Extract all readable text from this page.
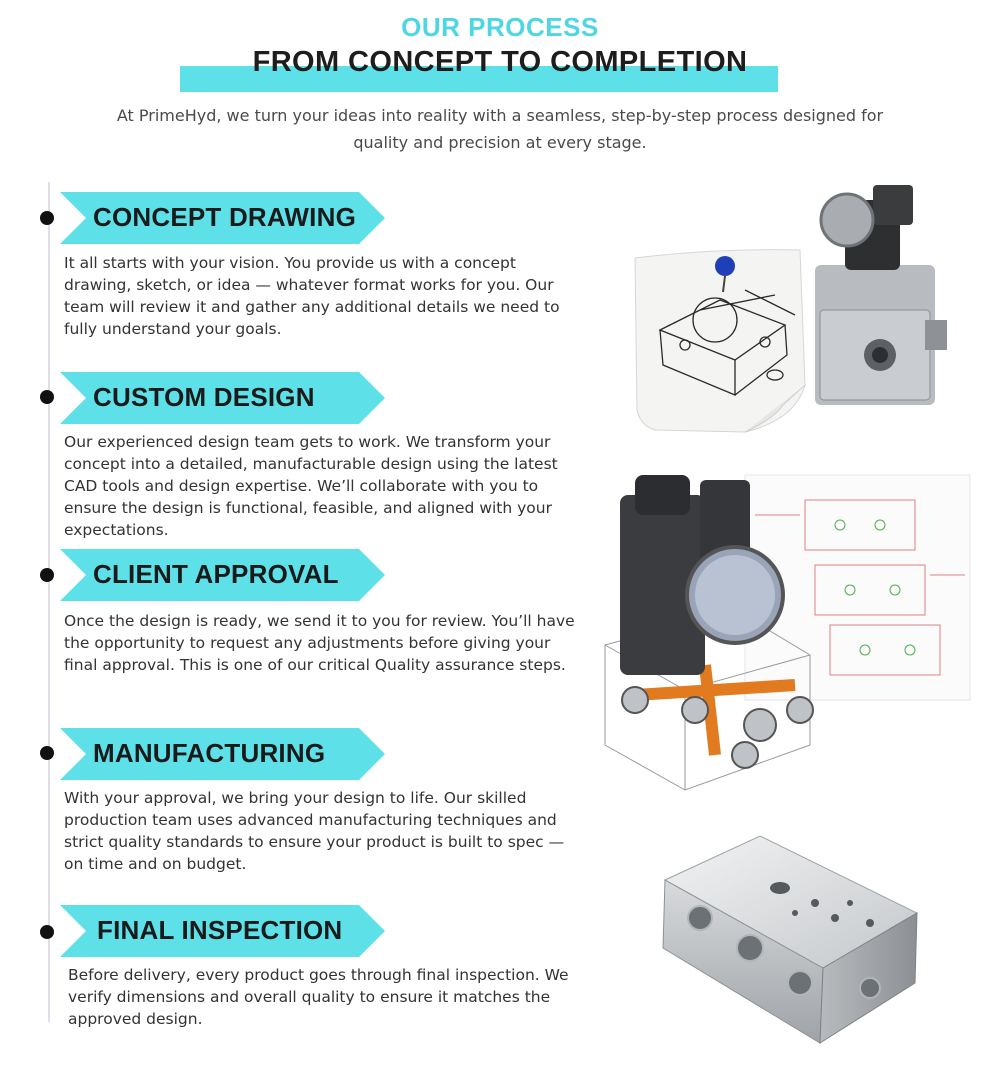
OUR PROCESS
FROM CONCEPT TO COMPLETION
At PrimeHyd, we turn your ideas into reality with a seamless, step-by-step process designed for quality and precision at every stage.
CONCEPT DRAWING
It all starts with your vision. You provide us with a concept drawing, sketch, or idea — whatever format works for you. Our team will review it and gather any additional details we need to fully understand your goals.
CUSTOM DESIGN
Our experienced design team gets to work. We transform your concept into a detailed, manufacturable design using the latest CAD tools and design expertise. We’ll collaborate with you to ensure the design is functional, feasible, and aligned with your expectations.
CLIENT APPROVAL
Once the design is ready, we send it to you for review. You’ll have the opportunity to request any adjustments before giving your final approval. This is one of our critical Quality assurance steps.
MANUFACTURING
With your approval, we bring your design to life. Our skilled production team uses advanced manufacturing techniques and strict quality standards to ensure your product is built to spec — on time and on budget.
FINAL INSPECTION
Before delivery, every product goes through final inspection. We verify dimensions and overall quality to ensure it matches the approved design.
